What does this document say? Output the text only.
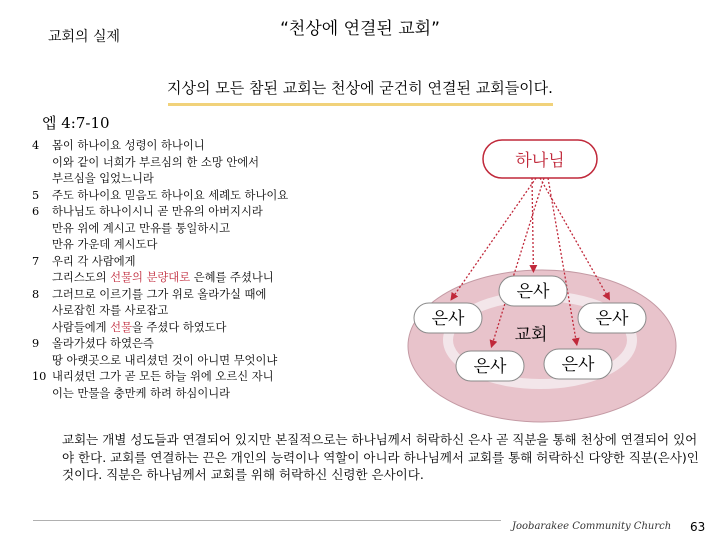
교회의 실제	“천상에 연결된 교회”
지상의 모든 참된 교회는 천상에 굳건히 연결된 교회들이다.
엡 4:7-10
4 몸이 하나이요 성령이 하나이니
이와 같이 너희가 부르심의 한 소망 안에서
부르심을 입었느니라
5 주도 하나이요 믿음도 하나이요 세례도 하나이요
6 하나님도 하나이시니 곧 만유의 아버지시라
만유 위에 계시고 만유를 통일하시고
만유 가운데 계시도다
7 우리 각 사람에게
그리스도의 선물의 분량대로 은혜를 주셨나니
8 그러므로 이르기를 그가 위로 올라가실 때에
사로잡힌 자를 사로잡고
사람들에게 선물을 주셨다 하였도다
9 올라가셨다 하였은즉
땅 아랫곳으로 내리셨던 것이 아니면 무엇이냐
10 내리셨던 그가 곧 모든 하늘 위에 오르신 자니
이는 만물을 충만케 하려 하심이니라
하나님
은사
은사	은사
은사	은사
교회
교회는 개별 성도들과 연결되어 있지만 본질적으로는 하나님께서 허락하신 은사 곧 직분을 통해 천상에 연결되어 있어야 한다. 교회를 연결하는 끈은 개인의 능력이나 역할이 아니라 하나님께서 교회를 통해 허락하신 다양한 직분(은사)인 것이다. 직분은 하나님께서 교회를 위해 허락하신 신령한 은사이다.
Joobarakee Community Church 63
